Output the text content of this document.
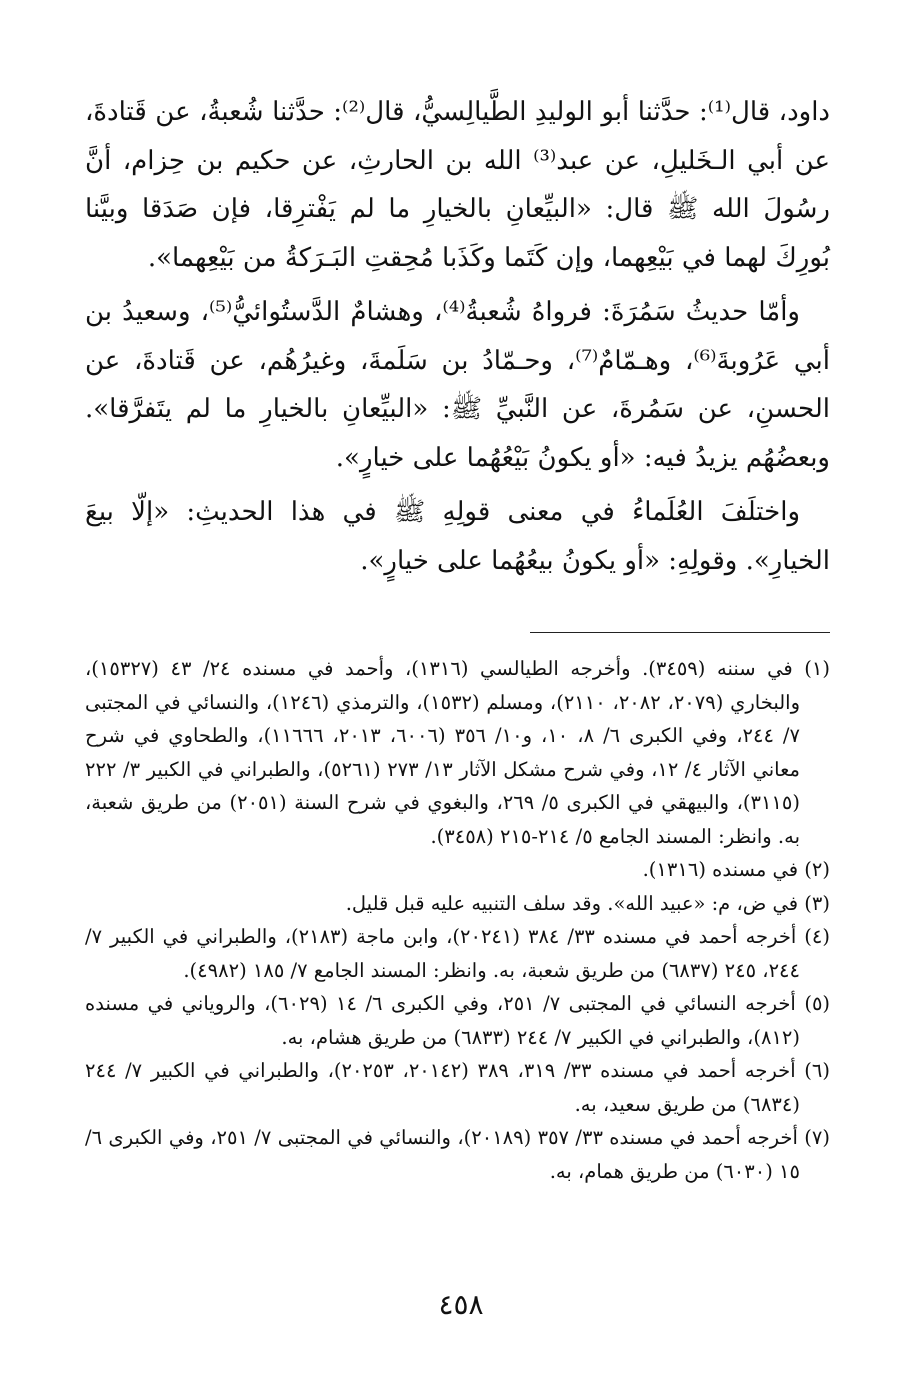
داود، قال⁽¹⁾: حدَّثنا أبو الوليدِ الطَّيالِسيُّ، قال⁽²⁾: حدَّثنا شُعبةُ، عن قَتادةَ، عن أبي الـخَليلِ، عن عبد⁽³⁾ الله بن الحارثِ، عن حكيم بن حِزام، أنَّ رسُولَ الله ﷺ قال: «البيِّعانِ بالخيارِ ما لم يَفْترِقا، فإن صَدَقا وبيَّنا بُورِكَ لهما في بَيْعِهما، وإن كَتَما وكَذَبا مُحِقتِ البَـرَكةُ من بَيْعِهما».

وأمّا حديثُ سَمُرَةَ: فرواهُ شُعبةُ⁽⁴⁾، وهشامٌ الدَّستُوائيُّ⁽⁵⁾، وسعيدُ بن أبي عَرُوبةَ⁽⁶⁾، وهـمّامٌ⁽⁷⁾، وحـمّادُ بن سَلَمةَ، وغيرُهُم، عن قَتادةَ، عن الحسنِ، عن سَمُرةَ، عن النَّبيِّ ﷺ: «البيِّعانِ بالخيارِ ما لم يتَفرَّقا». وبعضُهُم يزيدُ فيه: «أو يكونُ بَيْعُهُما على خيارٍ».

واختلَفَ العُلَماءُ في معنى قولِهِ ﷺ في هذا الحديثِ: «إلّا بيعَ الخيارِ». وقولِهِ: «أو يكونُ بيعُهُما على خيارٍ».

(١) في سننه (٣٤٥٩). وأخرجه الطيالسي (١٣١٦)، وأحمد في مسنده ٢٤/ ٤٣ (١٥٣٢٧)، والبخاري (٢٠٧٩، ٢٠٨٢، ٢١١٠)، ومسلم (١٥٣٢)، والترمذي (١٢٤٦)، والنسائي في المجتبى ٧/ ٢٤٤، وفي الكبرى ٦/ ٨، ١٠، و١٠/ ٣٥٦ (٦٠٠٦، ٢٠١٣، ١١٦٦٦)، والطحاوي في شرح معاني الآثار ٤/ ١٢، وفي شرح مشكل الآثار ١٣/ ٢٧٣ (٥٢٦١)، والطبراني في الكبير ٣/ ٢٢٢ (٣١١٥)، والبيهقي في الكبرى ٥/ ٢٦٩، والبغوي في شرح السنة (٢٠٥١) من طريق شعبة، به. وانظر: المسند الجامع ٥/ ٢١٤-٢١٥ (٣٤٥٨).

(٢) في مسنده (١٣١٦).

(٣) في ض، م: «عبيد الله». وقد سلف التنبيه عليه قبل قليل.

(٤) أخرجه أحمد في مسنده ٣٣/ ٣٨٤ (٢٠٢٤١)، وابن ماجة (٢١٨٣)، والطبراني في الكبير ٧/ ٢٤٤، ٢٤٥ (٦٨٣٧) من طريق شعبة، به. وانظر: المسند الجامع ٧/ ١٨٥ (٤٩٨٢).

(٥) أخرجه النسائي في المجتبى ٧/ ٢٥١، وفي الكبرى ٦/ ١٤ (٦٠٢٩)، والروياني في مسنده (٨١٢)، والطبراني في الكبير ٧/ ٢٤٤ (٦٨٣٣) من طريق هشام، به.

(٦) أخرجه أحمد في مسنده ٣٣/ ٣١٩، ٣٨٩ (٢٠١٤٢، ٢٠٢٥٣)، والطبراني في الكبير ٧/ ٢٤٤ (٦٨٣٤) من طريق سعيد، به.

(٧) أخرجه أحمد في مسنده ٣٣/ ٣٥٧ (٢٠١٨٩)، والنسائي في المجتبى ٧/ ٢٥١، وفي الكبرى ٦/ ١٥ (٦٠٣٠) من طريق همام، به.

٤٥٨
